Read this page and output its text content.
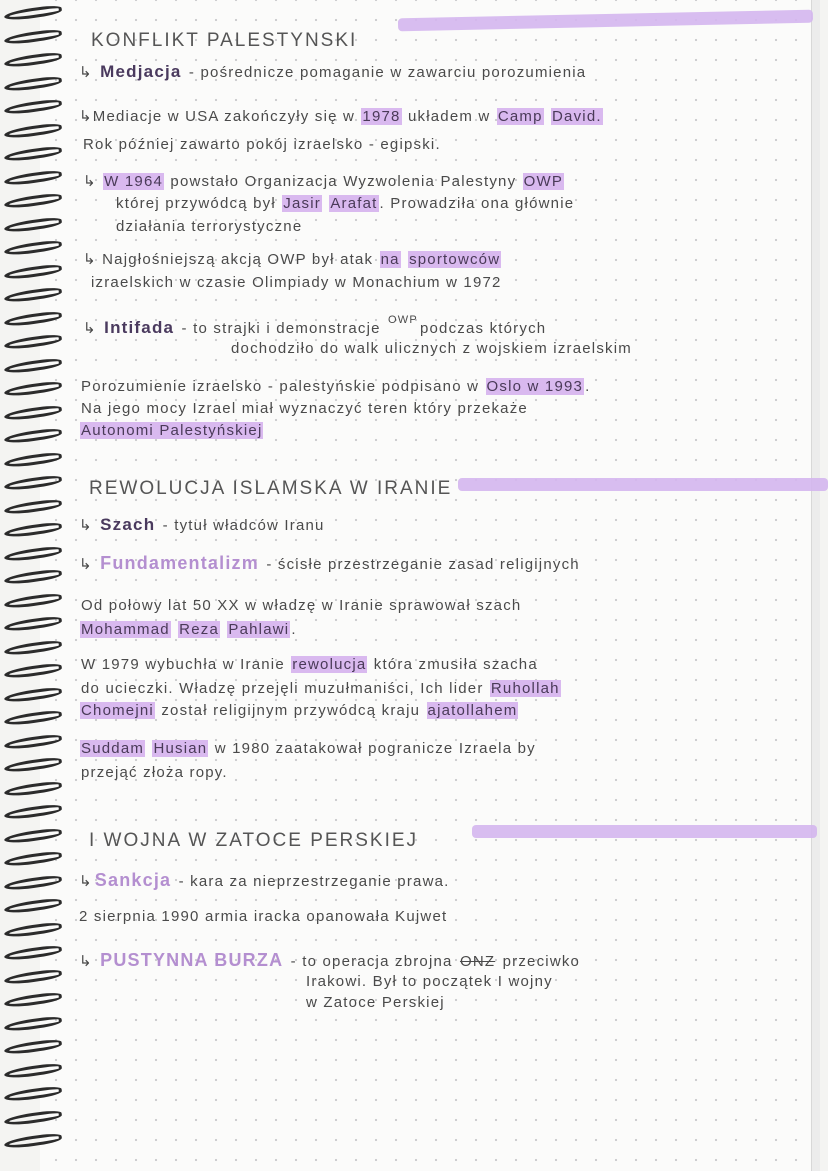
KONFLIKT PALESTYNSKI
↳ Medjacja - pośrednicze pomaganie w zawarciu porozumienia
↳Mediacje w USA zakończyły się w 1978 układem w Camp David.
Rok później zawarto pokój izraelsko - egipski.
↳ W 1964 powstało Organizacja Wyzwolenia Palestyny OWP
której przywódcą był Jasir Arafat . Prowadziła ona głównie
działania terrorystyczne
↳ Najgłośniejszą akcją OWP był atak na sportowców
izraelskich w czasie Olimpiady w Monachium w 1972
↳ Intifada - to strajki i demonstracje $^{OWP}$ podczas których
dochodziło do walk ulicznych z wojskiem izraelskim
Porozumienie izraelsko - palestyńskie podpisano w Oslo w 1993 .
Na jego mocy Izrael miał wyznaczyć teren który przekaże
Autonomi Palestyńskiej
REWOLUCJA ISLAMSKA W IRANIE
↳ Szach - tytuł władców Iranu
↳ Fundamentalizm - ścisłe przestrzeganie zasad religijnych
Od połowy lat 50 XX w władzę w Iranie sprawował szach
Mohammad Reza Pahlawi .
W 1979 wybuchła w Iranie rewolucja która zmusiła szacha
do ucieczki. Władzę przejęli muzułmaniści, Ich lider Ruhollah
Chomejni został religijnym przywódcą kraju ajatollahem
Suddam Husian w 1980 zaatakował pogranicze Izraela by
przejąć złoża ropy.
I WOJNA W ZATOCE PERSKIEJ
↳ Sankcja - kara za nieprzestrzeganie prawa.
2 sierpnia 1990 armia iracka opanowała Kujwet
↳ PUSTYNNA BURZA - to operacja zbrojna ONZ przeciwko
Irakowi. Był to początek I wojny
w Zatoce Perskiej
